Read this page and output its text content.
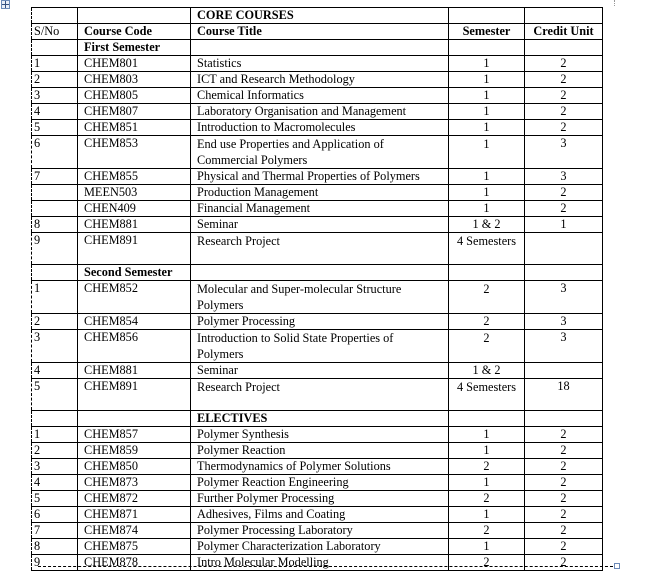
		CORE COURSES		
S/No	Course Code	Course Title	Semester	Credit Unit
	First Semester			
1	CHEM801	Statistics	1	2
2	CHEM803	ICT and Research Methodology	1	2
3	CHEM805	Chemical Informatics	1	2
4	CHEM807	Laboratory Organisation and Management	1	2
5	CHEM851	Introduction to Macromolecules	1	2
6	CHEM853	End use Properties and Application of Commercial Polymers	1	3
7	CHEM855	Physical and Thermal Properties of Polymers	1	3
	MEEN503	Production Management	1	2
	CHEN409	Financial Management	1	2
8	CHEM881	Seminar	1 & 2	1
9	CHEM891	Research Project	4 Semesters	
	Second Semester			
1	CHEM852	Molecular and Super-molecular Structure Polymers	2	3
2	CHEM854	Polymer Processing	2	3
3	CHEM856	Introduction to Solid State Properties of Polymers	2	3
4	CHEM881	Seminar	1 & 2	
5	CHEM891	Research Project	4 Semesters	18
		ELECTIVES		
1	CHEM857	Polymer Synthesis	1	2
2	CHEM859	Polymer Reaction	1	2
3	CHEM850	Thermodynamics of Polymer Solutions	2	2
4	CHEM873	Polymer Reaction Engineering	1	2
5	CHEM872	Further Polymer Processing	2	2
6	CHEM871	Adhesives, Films and Coating	1	2
7	CHEM874	Polymer Processing Laboratory	2	2
8	CHEM875	Polymer Characterization Laboratory	1	2
9	CHEM878	Intro Molecular Modelling	2	2
